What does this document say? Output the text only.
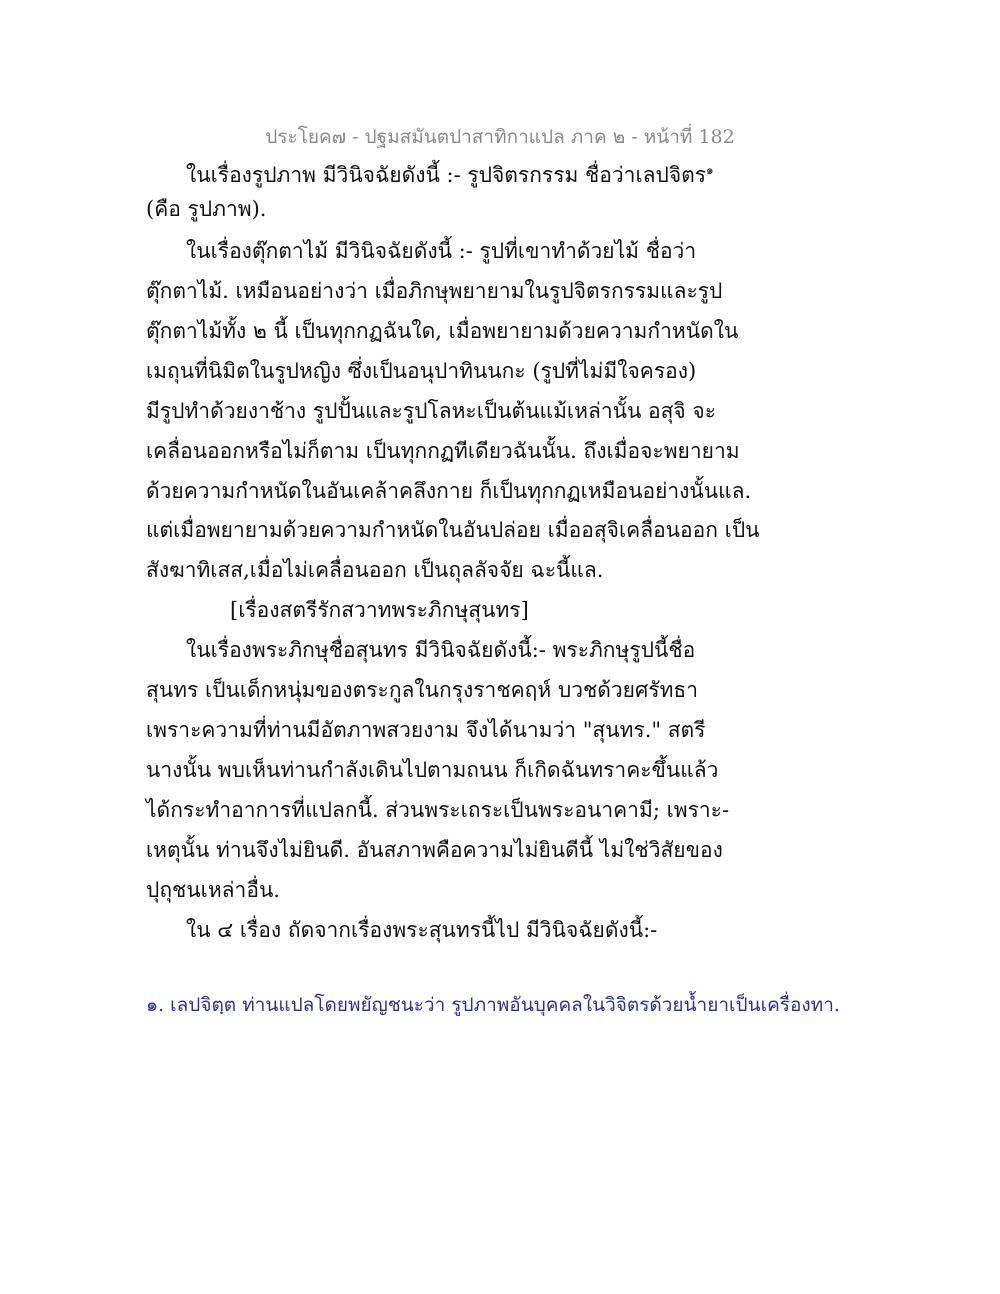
ประโยค๗ - ปฐมสมันตปาสาทิกาแปล ภาค ๒ - หน้าที่ 182
ในเรื่องรูปภาพ มีวินิจฉัยดังนี้ :- รูปจิตรกรรม ชื่อว่าเลปจิตร$^๑$
(คือ รูปภาพ).
ในเรื่องตุ๊กตาไม้ มีวินิจฉัยดังนี้ :- รูปที่เขาทำด้วยไม้ ชื่อว่า
ตุ๊กตาไม้. เหมือนอย่างว่า เมื่อภิกษุพยายามในรูปจิตรกรรมและรูป
ตุ๊กตาไม้ทั้ง ๒ นี้ เป็นทุกกฏฉันใด, เมื่อพยายามด้วยความกำหนัดใน
เมถุนที่นิมิตในรูปหญิง ซึ่งเป็นอนุปาทินนกะ (รูปที่ไม่มีใจครอง)
มีรูปทำด้วยงาช้าง รูปปั้นและรูปโลหะเป็นต้นแม้เหล่านั้น อสุจิ จะ
เคลื่อนออกหรือไม่ก็ตาม เป็นทุกกฏทีเดียวฉันนั้น. ถึงเมื่อจะพยายาม
ด้วยความกำหนัดในอันเคล้าคลึงกาย ก็เป็นทุกกฏเหมือนอย่างนั้นแล.
แต่เมื่อพยายามด้วยความกำหนัดในอันปล่อย เมื่ออสุจิเคลื่อนออก เป็น
สังฆาทิเสส,เมื่อไม่เคลื่อนออก เป็นถุลลัจจัย ฉะนี้แล.
[เรื่องสตรีรักสวาทพระภิกษุสุนทร]
ในเรื่องพระภิกษุชื่อสุนทร มีวินิจฉัยดังนี้:- พระภิกษุรูปนี้ชื่อ
สุนทร เป็นเด็กหนุ่มของตระกูลในกรุงราชคฤห์ บวชด้วยศรัทธา
เพราะความที่ท่านมีอัตภาพสวยงาม จึงได้นามว่า "สุนทร." สตรี
นางนั้น พบเห็นท่านกำลังเดินไปตามถนน ก็เกิดฉันทราคะขึ้นแล้ว
ได้กระทำอาการที่แปลกนี้. ส่วนพระเถระเป็นพระอนาคามี; เพราะ-
เหตุนั้น ท่านจึงไม่ยินดี. อันสภาพคือความไม่ยินดีนี้ ไม่ใช่วิสัยของ
ปุถุชนเหล่าอื่น.
ใน ๔ เรื่อง ถัดจากเรื่องพระสุนทรนี้ไป มีวินิจฉัยดังนี้:-
๑. เลปจิตฺต ท่านแปลโดยพยัญชนะว่า รูปภาพอันบุคคลในวิจิตรด้วยน้ำยาเป็นเครื่องทา.
